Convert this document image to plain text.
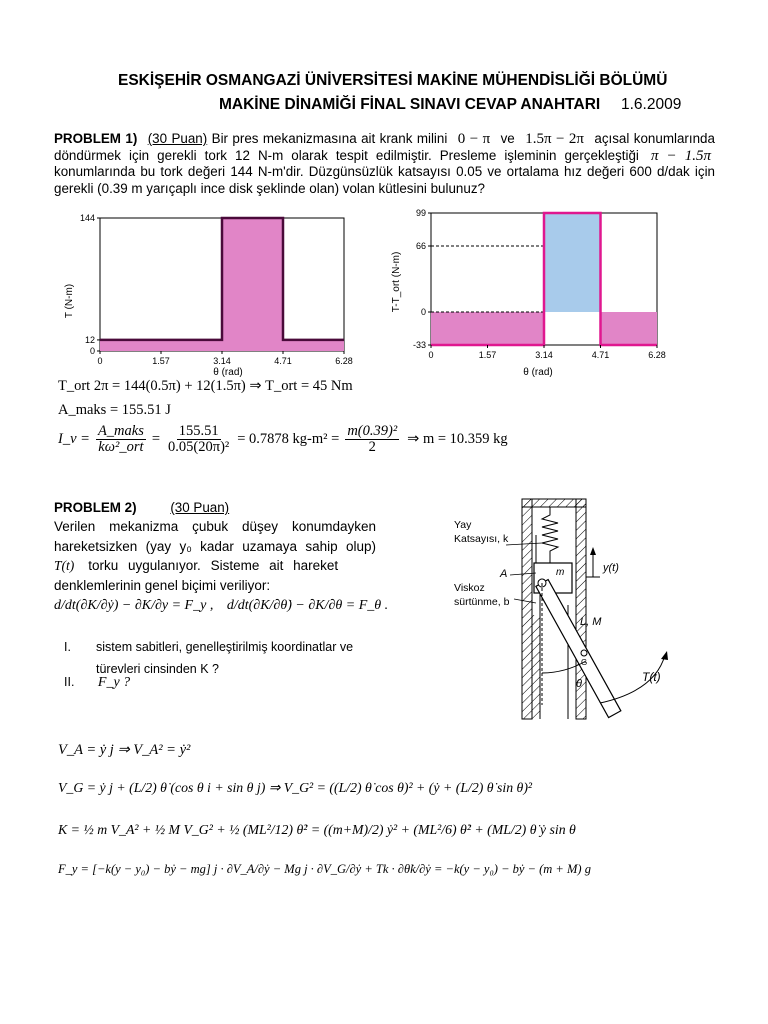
ESKİŞEHİR OSMANGAZİ ÜNİVERSİTESİ MAKİNE MÜHENDİSLİĞİ BÖLÜMÜ
MAKİNE DİNAMİĞİ FİNAL SINAVI CEVAP ANAHTARI 1.6.2009
PROBLEM 1) (30 Puan) Bir pres mekanizmasına ait krank milini 0 − π ve 1.5π − 2π açısal konumlarında döndürmek için gerekli tork 12 N-m olarak tespit edilmiştir. Presleme işleminin gerçekleştiği π − 1.5π konumlarında bu tork değeri 144 N-m'dir. Düzgünsüzlük katsayısı 0.05 ve ortalama hız değeri 600 d/dak için gerekli (0.39 m yarıçaplı ince disk şeklinde olan) volan kütlesini bulunuz?
T (N-m)
0	1.57	3.14	4.71	6.28
0
12
144
θ (rad)
T-T_ort (N-m)
0	1.57	3.14	4.71	6.28
-33
0
66
99
θ (rad)
T_ort 2π = 144(0.5π) + 12(1.5π) ⇒ T_ort = 45 Nm
A_maks = 155.51 J
I_v = $\frac{\text{A\_maks}}{\text{kω²\_ort}} = \frac{155.51}{\text{0.05(20π)²}} = 0.7878$ $kg-m^2 = \frac{\text{m(0.39)²}}{2}$ ⇒ m = 10.359 kg
PROBLEM 2)	(30 Puan)
Verilen mekanizma çubuk düşey konumdayken
hareketsizken (yay y₀ kadar uzamaya sahip olup)
T(t) torku uygulanıyor. Sisteme ait hareket
denklemlerinin genel biçimi veriliyor:
d/dt(∂K/∂ẏ) − ∂K/∂y = F_y , d/dt(∂K/∂θ̇) − ∂K/∂θ = F_θ .
I. sistem sabitleri, genelleştirilmiş koordinatlar ve türevleri cinsinden K ?
II. F_y ?
m
θ
G
y(t)
T(t)
Yay
Katsayısı, k
A
Viskoz
sürtünme, b
L, M
V_A = ẏ j ⇒ V_A² = ẏ²
V_G = ẏ j + (L/2) θ̇ (cos θ i + sin θ j) ⇒ V_G² = ((L/2) θ̇ cos θ)² + (ẏ + (L/2) θ̇ sin θ)²
K = ½ m V_A² + ½ M V_G² + ½ (ML²/12) θ̇² = ((m+M)/2) ẏ² + (ML²/6) θ̇² + (ML/2) θ̇ ẏ sin θ
F_y = [−k(y − y₀) − bẏ − mg] j · ∂V_A/∂ẏ − Mg j · ∂V_G/∂ẏ + Tk · ∂θ̇k/∂ẏ = −k(y − y₀) − bẏ − (m + M) g
